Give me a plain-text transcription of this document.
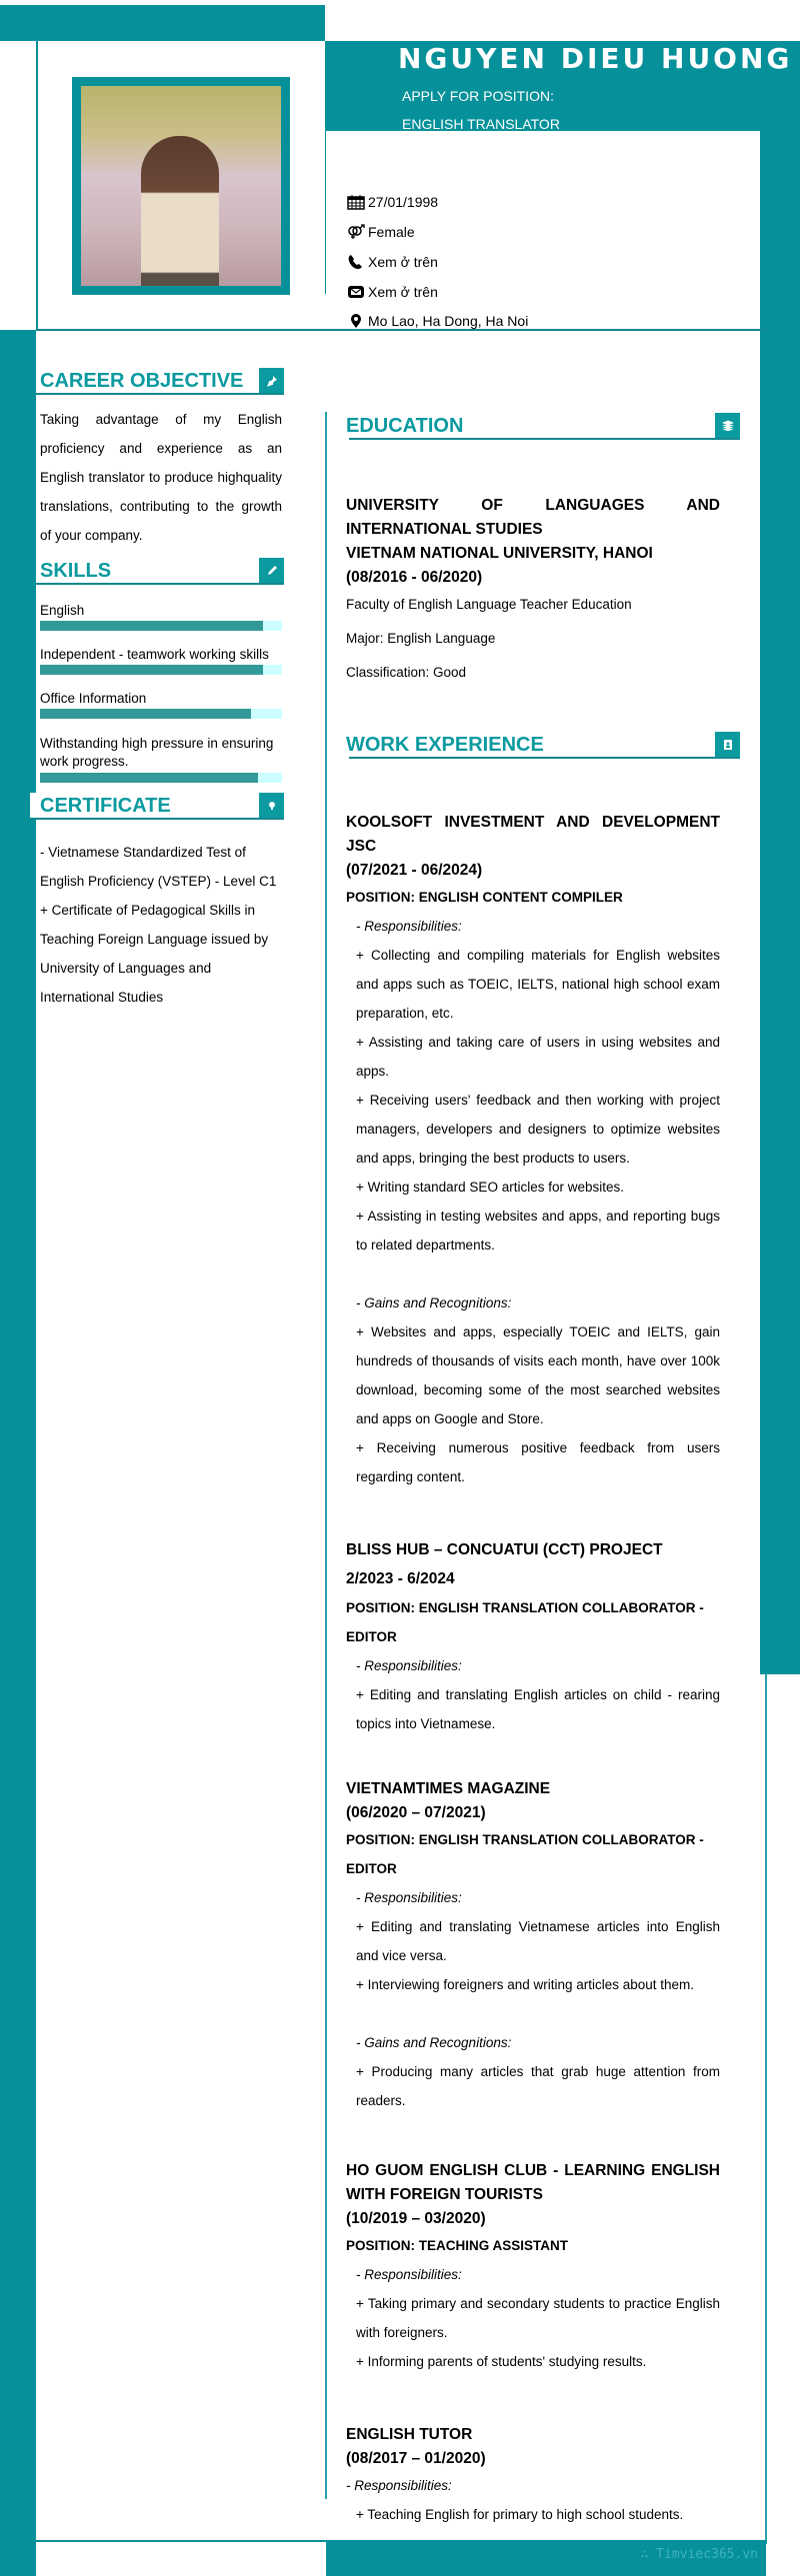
∴ Timviec365.vn
NGUYEN DIEU HUONG
APPLY FOR POSITION:
ENGLISH TRANSLATOR
27/01/1998
Female
Xem ở trên
Xem ở trên
Mo Lao, Ha Dong, Ha Noi
CAREER OBJECTIVE
Taking advantage of my English proficiency and experience as an English translator to produce highquality translations, contributing to the growth of your company.
SKILLS
English
Independent - teamwork working skills
Office Information
Withstanding high pressure in ensuring work progress.
CERTIFICATE
- Vietnamese Standardized Test of English Proficiency (VSTEP) - Level C1
+ Certificate of Pedagogical Skills in Teaching Foreign Language issued by University of Languages and International Studies
EDUCATION
UNIVERSITY OF LANGUAGES AND INTERNATIONAL STUDIES
VIETNAM NATIONAL UNIVERSITY, HANOI
(08/2016 - 06/2020)
Faculty of English Language Teacher Education
Major: English Language
Classification: Good
WORK EXPERIENCE
KOOLSOFT INVESTMENT AND DEVELOPMENT JSC
(07/2021 - 06/2024)
POSITION: ENGLISH CONTENT COMPILER
- Responsibilities:
+ Collecting and compiling materials for English websites and apps such as TOEIC, IELTS, national high school exam preparation, etc.
+ Assisting and taking care of users in using websites and apps.
+ Receiving users' feedback and then working with project managers, developers and designers to optimize websites and apps, bringing the best products to users.
+ Writing standard SEO articles for websites.
+ Assisting in testing websites and apps, and reporting bugs to related departments.
- Gains and Recognitions:
+ Websites and apps, especially TOEIC and IELTS, gain hundreds of thousands of visits each month, have over 100k download, becoming some of the most searched websites and apps on Google and Store.
+ Receiving numerous positive feedback from users regarding content.
BLISS HUB – CONCUATUI (CCT) PROJECT
2/2023 - 6/2024
POSITION: ENGLISH TRANSLATION COLLABORATOR - EDITOR
- Responsibilities:
+ Editing and translating English articles on child - rearing topics into Vietnamese.
VIETNAMTIMES MAGAZINE
(06/2020 – 07/2021)
POSITION: ENGLISH TRANSLATION COLLABORATOR - EDITOR
- Responsibilities:
+ Editing and translating Vietnamese articles into English and vice versa.
+ Interviewing foreigners and writing articles about them.
- Gains and Recognitions:
+ Producing many articles that grab huge attention from readers.
HO GUOM ENGLISH CLUB - LEARNING ENGLISH WITH FOREIGN TOURISTS
(10/2019 – 03/2020)
POSITION: TEACHING ASSISTANT
- Responsibilities:
+ Taking primary and secondary students to practice English with foreigners.
+ Informing parents of students' studying results.
ENGLISH TUTOR
(08/2017 – 01/2020)
- Responsibilities:
+ Teaching English for primary to high school students.
